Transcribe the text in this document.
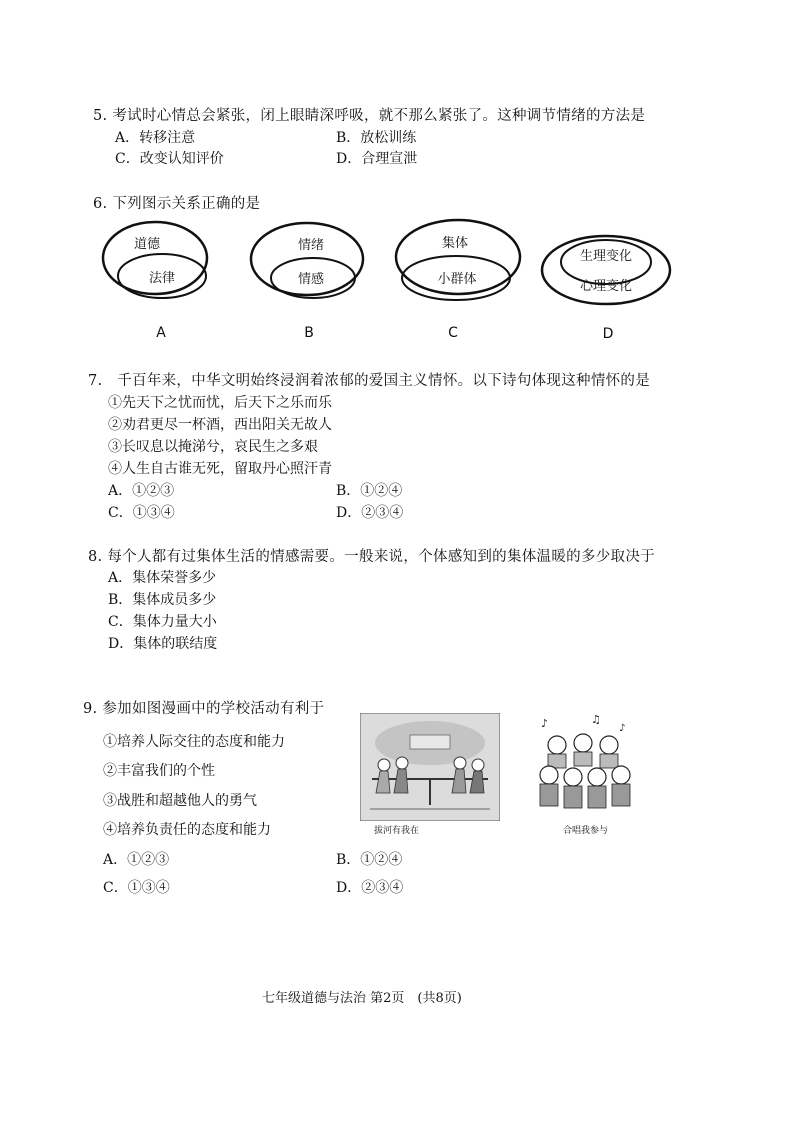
5. 考试时心情总会紧张，闭上眼睛深呼吸，就不那么紧张了。这种调节情绪的方法是
A．转移注意	B．放松训练
C．改变认知评价	D．合理宣泄
6. 下列图示关系正确的是
道德
法律
A
情绪
情感
B
集体
小群体
C
生理变化
心理变化
D
7.　千百年来，中华文明始终浸润着浓郁的爱国主义情怀。以下诗句体现这种情怀的是
①先天下之忧而忧，后天下之乐而乐
②劝君更尽一杯酒，西出阳关无故人
③长叹息以掩涕兮，哀民生之多艰
④人生自古谁无死，留取丹心照汗青
A．①②③	B．①②④
C．①③④	D．②③④
8. 每个人都有过集体生活的情感需要。一般来说，个体感知到的集体温暖的多少取决于
A．集体荣誉多少
B．集体成员多少
C．集体力量大小
D．集体的联结度
9. 参加如图漫画中的学校活动有利于
①培养人际交往的态度和能力
②丰富我们的个性
③战胜和超越他人的勇气
④培养负责任的态度和能力
A．①②③	B．①②④
C．①③④	D．②③④
拔河有我在
♪	♫
♪
合唱我参与
七年级道德与法治 第2页　(共8页)
